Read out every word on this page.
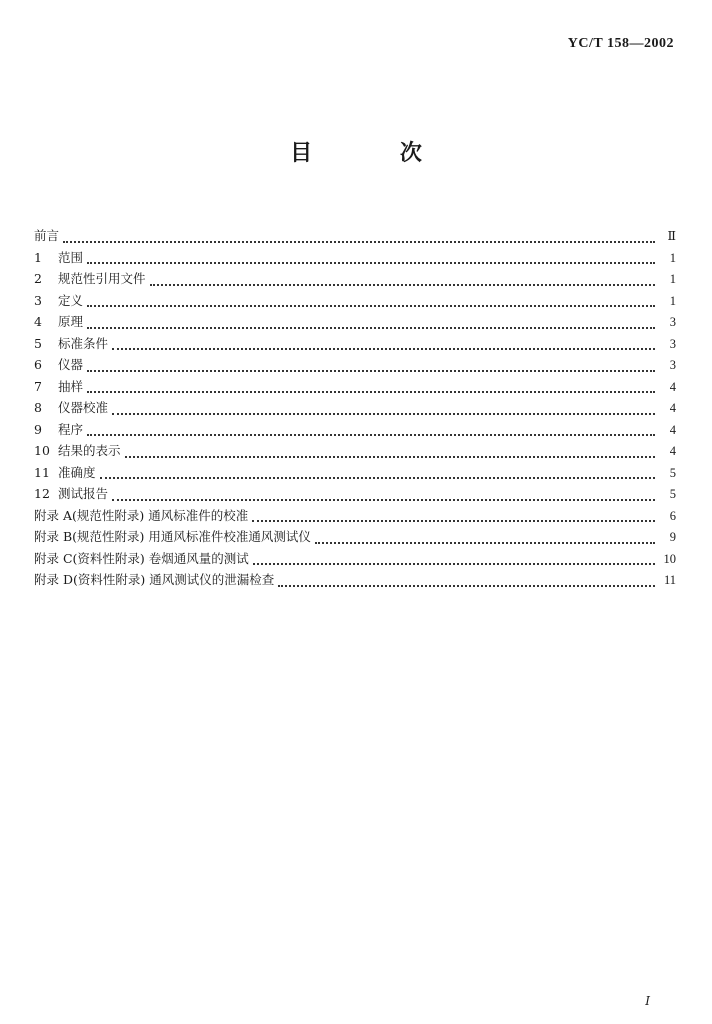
YC/T 158—2002
目 次
前言	Ⅱ
1 范围	1
2 规范性引用文件	1
3 定义	1
4 原理	3
5 标准条件	3
6 仪器	3
7 抽样	4
8 仪器校准	4
9 程序	4
10 结果的表示	4
11 准确度	5
12 测试报告	5
附录 A(规范性附录) 通风标准件的校准	6
附录 B(规范性附录) 用通风标准件校准通风测试仪	9
附录 C(资料性附录) 卷烟通风量的测试	10
附录 D(资料性附录) 通风测试仪的泄漏检查	11
Ⅰ
